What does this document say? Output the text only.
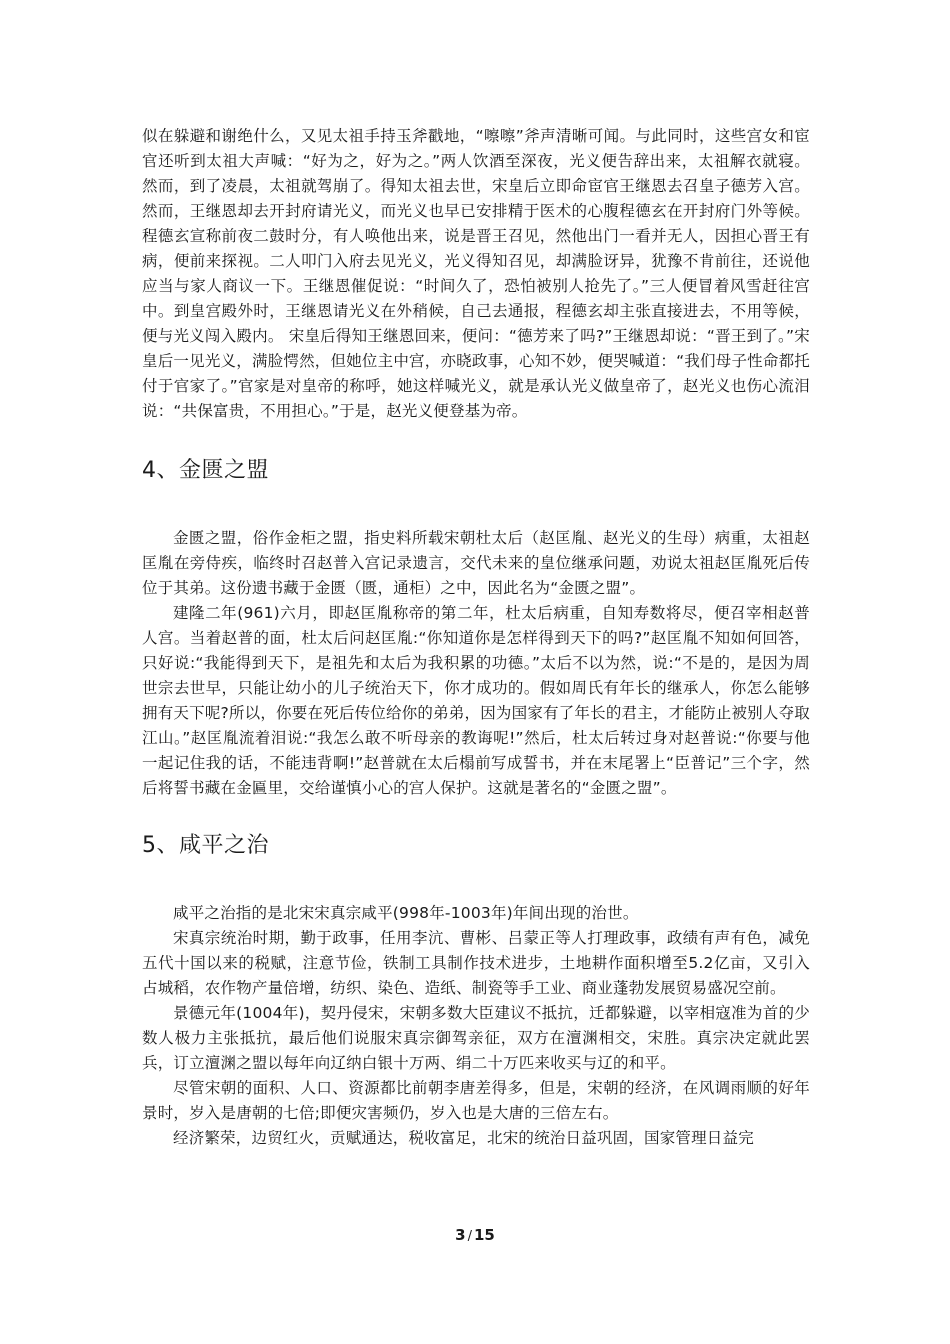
似在躲避和谢绝什么，又见太祖手持玉斧戳地，“嚓嚓”斧声清晰可闻。与此同时，这些宫女和宦官还听到太祖大声喊：“好为之，好为之。”两人饮酒至深夜，光义便告辞出来，太祖解衣就寝。然而，到了凌晨，太祖就驾崩了。得知太祖去世，宋皇后立即命宦官王继恩去召皇子德芳入宫。然而，王继恩却去开封府请光义，而光义也早已安排精于医术的心腹程德玄在开封府门外等候。程德玄宣称前夜二鼓时分，有人唤他出来，说是晋王召见，然他出门一看并无人，因担心晋王有病，便前来探视。二人叩门入府去见光义，光义得知召见，却满脸讶异，犹豫不肯前往，还说他应当与家人商议一下。王继恩催促说：“时间久了，恐怕被别人抢先了。”三人便冒着风雪赶往宫中。到皇宫殿外时，王继恩请光义在外稍候，自己去通报，程德玄却主张直接进去，不用等候，便与光义闯入殿内。 宋皇后得知王继恩回来，便问：“德芳来了吗?”王继恩却说：“晋王到了。”宋皇后一见光义，满脸愕然，但她位主中宫，亦晓政事，心知不妙，便哭喊道：“我们母子性命都托付于官家了。”官家是对皇帝的称呼，她这样喊光义，就是承认光义做皇帝了，赵光义也伤心流泪说：“共保富贵，不用担心。”于是，赵光义便登基为帝。

4、金匮之盟

金匮之盟，俗作金柜之盟，指史料所载宋朝杜太后（赵匡胤、赵光义的生母）病重，太祖赵匡胤在旁侍疾，临终时召赵普入宫记录遗言，交代未来的皇位继承问题，劝说太祖赵匡胤死后传位于其弟。这份遗书藏于金匮（匮，通柜）之中，因此名为“金匮之盟”。

建隆二年(961)六月，即赵匡胤称帝的第二年，杜太后病重，自知寿数将尽，便召宰相赵普人宫。当着赵普的面，杜太后问赵匡胤:“你知道你是怎样得到天下的吗?”赵匡胤不知如何回答，只好说:“我能得到天下，是祖先和太后为我积累的功德。”太后不以为然，说:“不是的，是因为周世宗去世早，只能让幼小的儿子统治天下，你才成功的。假如周氏有年长的继承人，你怎么能够拥有天下呢?所以，你要在死后传位给你的弟弟，因为国家有了年长的君主，才能防止被别人夺取江山。”赵匡胤流着泪说:“我怎么敢不听母亲的教诲呢!”然后，杜太后转过身对赵普说:“你要与他一起记住我的话，不能违背啊!”赵普就在太后榻前写成誓书，并在末尾署上“臣普记”三个字，然后将誓书藏在金匾里，交给谨慎小心的宫人保护。这就是著名的“金匮之盟”。

5、咸平之治

咸平之治指的是北宋宋真宗咸平(998年-1003年)年间出现的治世。

宋真宗统治时期，勤于政事，任用李沆、曹彬、吕蒙正等人打理政事，政绩有声有色，减免五代十国以来的税赋，注意节俭，铁制工具制作技术进步，土地耕作面积增至5.2亿亩，又引入占城稻，农作物产量倍增，纺织、染色、造纸、制瓷等手工业、商业蓬勃发展贸易盛况空前。

景德元年(1004年)，契丹侵宋，宋朝多数大臣建议不抵抗，迁都躲避，以宰相寇准为首的少数人极力主张抵抗，最后他们说服宋真宗御驾亲征，双方在澶渊相交，宋胜。真宗决定就此罢兵，订立澶渊之盟以每年向辽纳白银十万两、绢二十万匹来收买与辽的和平。

尽管宋朝的面积、人口、资源都比前朝李唐差得多，但是，宋朝的经济，在风调雨顺的好年景时，岁入是唐朝的七倍;即便灾害频仍，岁入也是大唐的三倍左右。

经济繁荣，边贸红火，贡赋通达，税收富足，北宋的统治日益巩固，国家管理日益完

3 / 15
